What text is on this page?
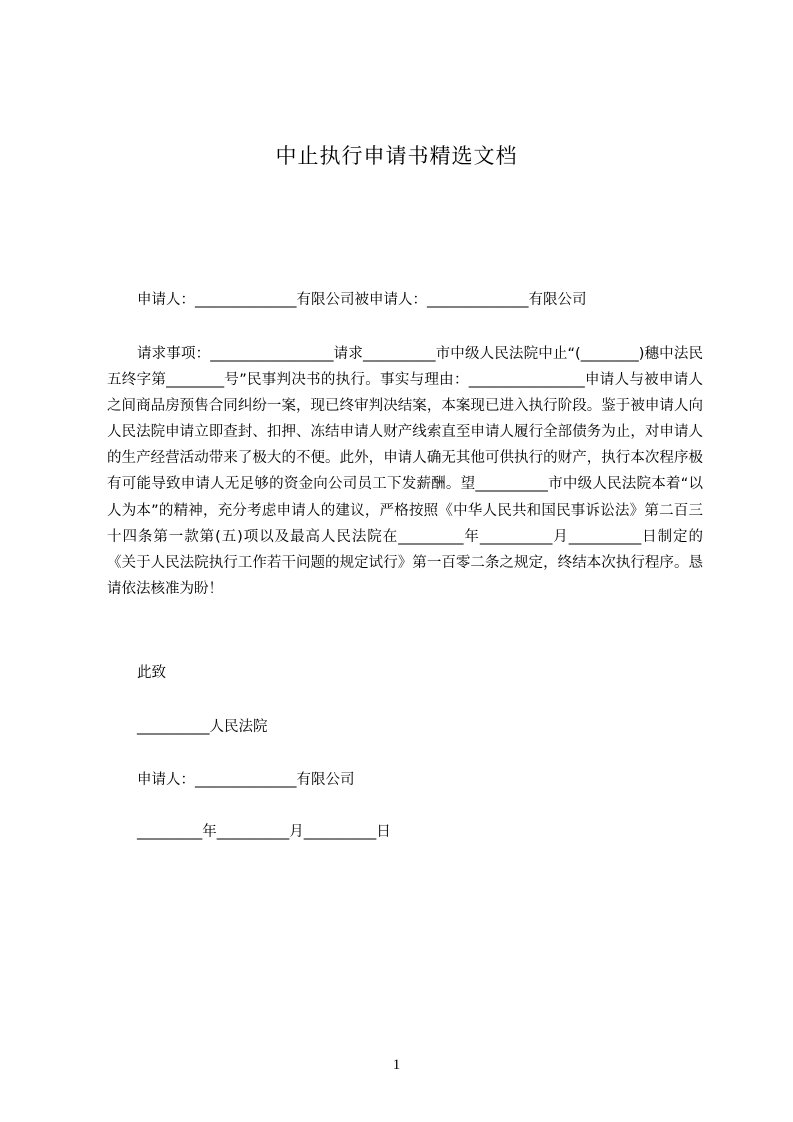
中止执行申请书精选文档
申请人：______________有限公司被申请人：______________有限公司
请求事项：_________________请求__________市中级人民法院中止“(________)穗中法民五终字第________号”民事判决书的执行。事实与理由：________________申请人与被申请人之间商品房预售合同纠纷一案，现已终审判决结案，本案现已进入执行阶段。鉴于被申请人向人民法院申请立即查封、扣押、冻结申请人财产线索直至申请人履行全部债务为止，对申请人的生产经营活动带来了极大的不便。此外，申请人确无其他可供执行的财产，执行本次程序极有可能导致申请人无足够的资金向公司员工下发薪酬。望__________市中级人民法院本着“以人为本”的精神，充分考虑申请人的建议，严格按照《中华人民共和国民事诉讼法》第二百三十四条第一款第(五)项以及最高人民法院在_________年__________月__________日制定的《关于人民法院执行工作若干问题的规定试行》第一百零二条之规定，终结本次执行程序。恳请依法核准为盼！
此致
__________人民法院
申请人：______________有限公司
_________年__________月__________日
1
